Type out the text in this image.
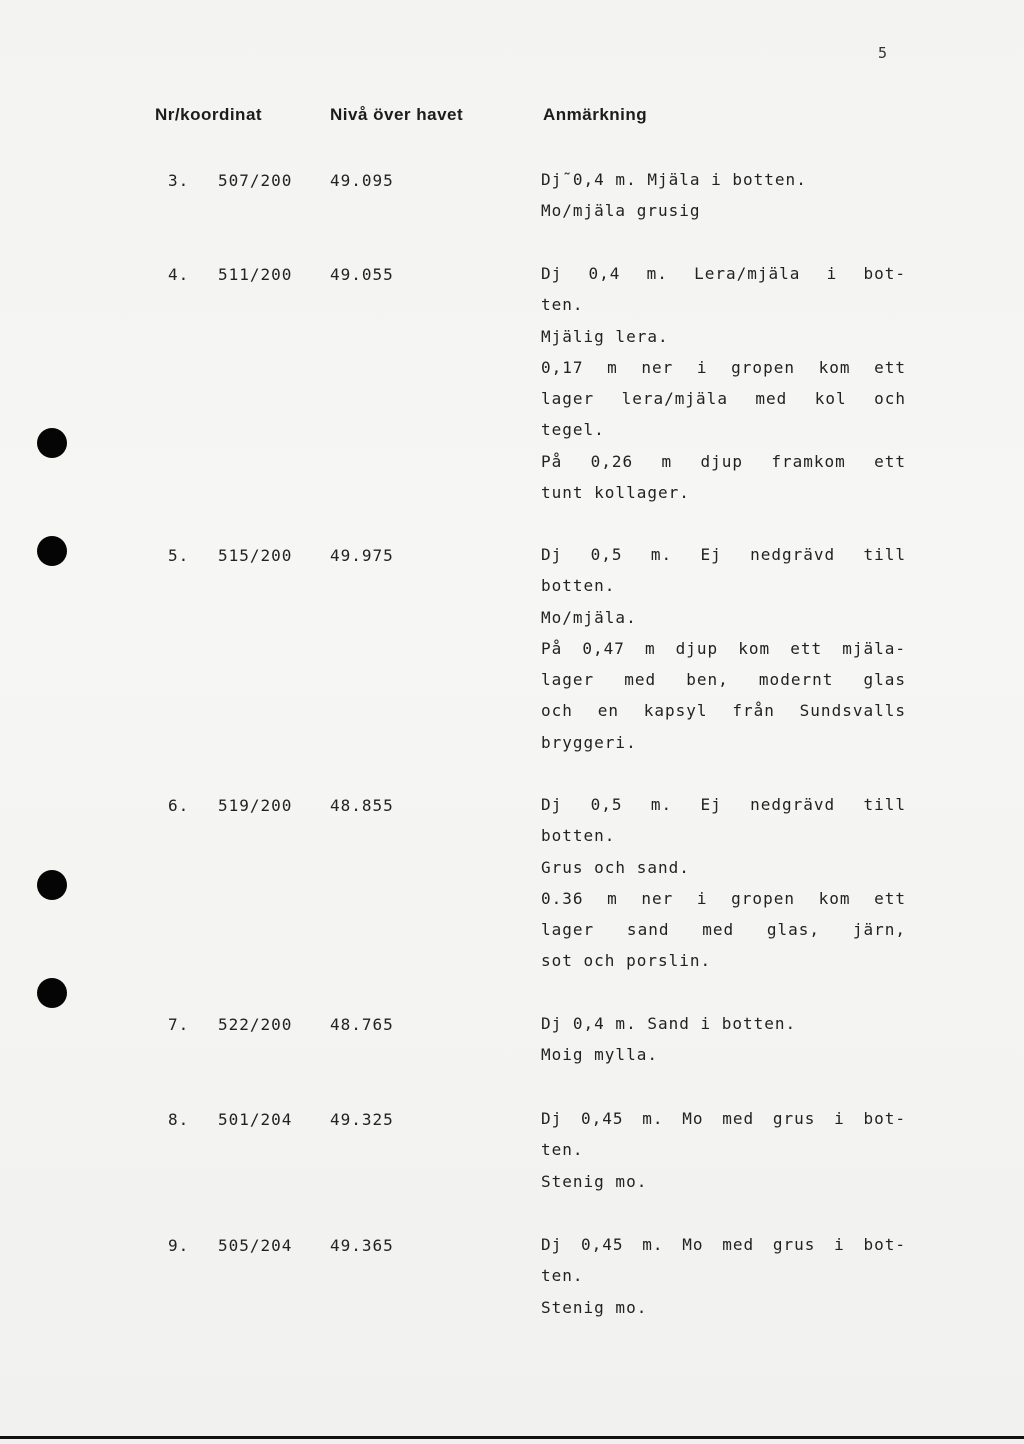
5
Nr/koordinat	Nivå över havet	Anmärkning
3. 507/200 49.095	Dj˜0,4 m. Mjäla i botten.
Mo/mjäla grusig
4. 511/200 49.055	Dj 0,4 m. Lera/mjäla i bot-
ten.
Mjälig lera.
0,17 m ner i gropen kom ett
lager lera/mjäla med kol och
tegel.
På 0,26 m djup framkom ett
tunt kollager.
5. 515/200 49.975	Dj 0,5 m. Ej nedgrävd till
botten.
Mo/mjäla.
På 0,47 m djup kom ett mjäla-
lager med ben, modernt glas
och en kapsyl från Sundsvalls
bryggeri.
6. 519/200 48.855	Dj 0,5 m. Ej nedgrävd till
botten.
Grus och sand.
0.36 m ner i gropen kom ett
lager sand med glas, järn,
sot och porslin.
7. 522/200 48.765	Dj 0,4 m. Sand i botten.
Moig mylla.
8. 501/204 49.325	Dj 0,45 m. Mo med grus i bot-
ten.
Stenig mo.
9. 505/204 49.365	Dj 0,45 m. Mo med grus i bot-
ten.
Stenig mo.
